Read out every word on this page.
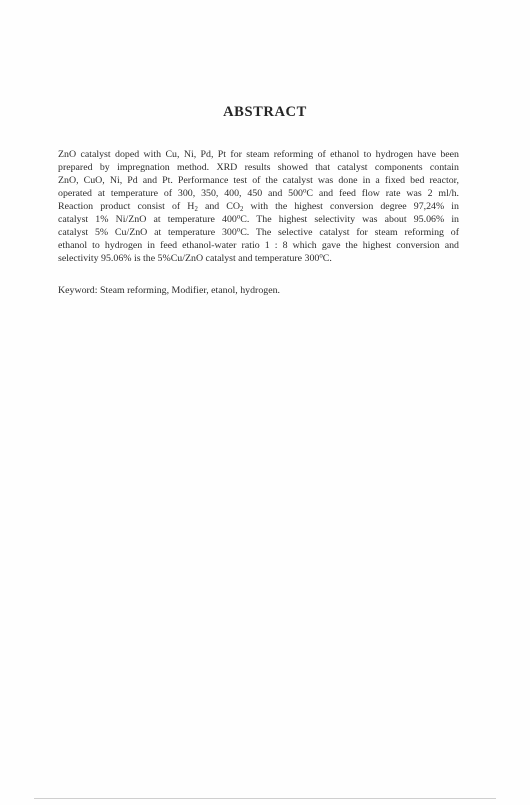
ABSTRACT
ZnO catalyst doped with Cu, Ni, Pd, Pt for steam reforming of ethanol to hydrogen have been
prepared by impregnation method. XRD results showed that catalyst components contain
ZnO, CuO, Ni, Pd and Pt. Performance test of the catalyst was done in a fixed bed reactor,
operated at temperature of 300, 350, 400, 450 and 500$^o$C and feed flow rate was 2 ml/h.
Reaction product consist of $H_2$ and $CO_2$ with the highest conversion degree 97,24% in
catalyst 1% Ni/ZnO at temperature 400$^o$C. The highest selectivity was about 95.06% in
catalyst 5% Cu/ZnO at temperature 300$^o$C. The selective catalyst for steam reforming of
ethanol to hydrogen in feed ethanol-water ratio 1 : 8 which gave the highest conversion and
selectivity 95.06% is the 5%Cu/ZnO catalyst and temperature 300$^o$C.
Keyword: Steam reforming, Modifier, etanol, hydrogen.
